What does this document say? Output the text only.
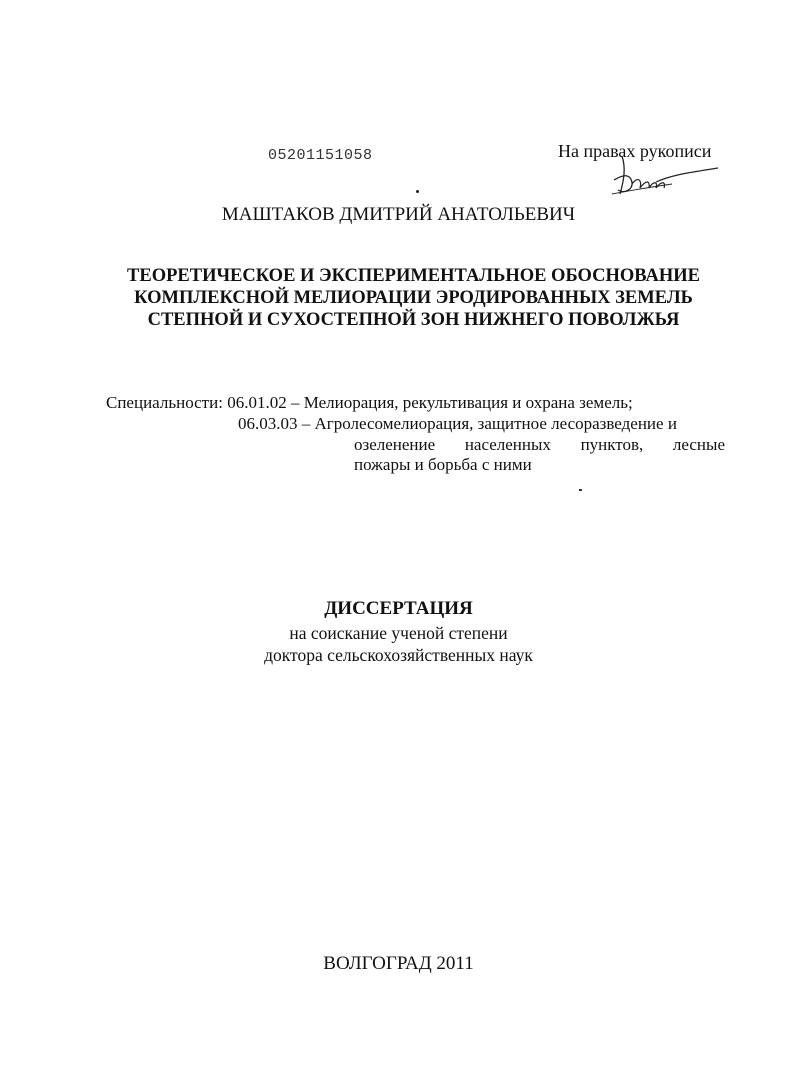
05201151058	На правах рукописи
МАШТАКОВ ДМИТРИЙ АНАТОЛЬЕВИЧ
ТЕОРЕТИЧЕСКОЕ И ЭКСПЕРИМЕНТАЛЬНОЕ ОБОСНОВАНИЕ
КОМПЛЕКСНОЙ МЕЛИОРАЦИИ ЭРОДИРОВАННЫХ ЗЕМЕЛЬ
СТЕПНОЙ И СУХОСТЕПНОЙ ЗОН НИЖНЕГО ПОВОЛЖЬЯ
Специальности: 06.01.02 – Мелиорация, рекультивация и охрана земель;
06.03.03 – Агролесомелиорация, защитное лесоразведение и
озеленение населенных пунктов, лесные
пожары и борьба с ними
ДИССЕРТАЦИЯ
на соискание ученой степени
доктора сельскохозяйственных наук
ВОЛГОГРАД 2011
